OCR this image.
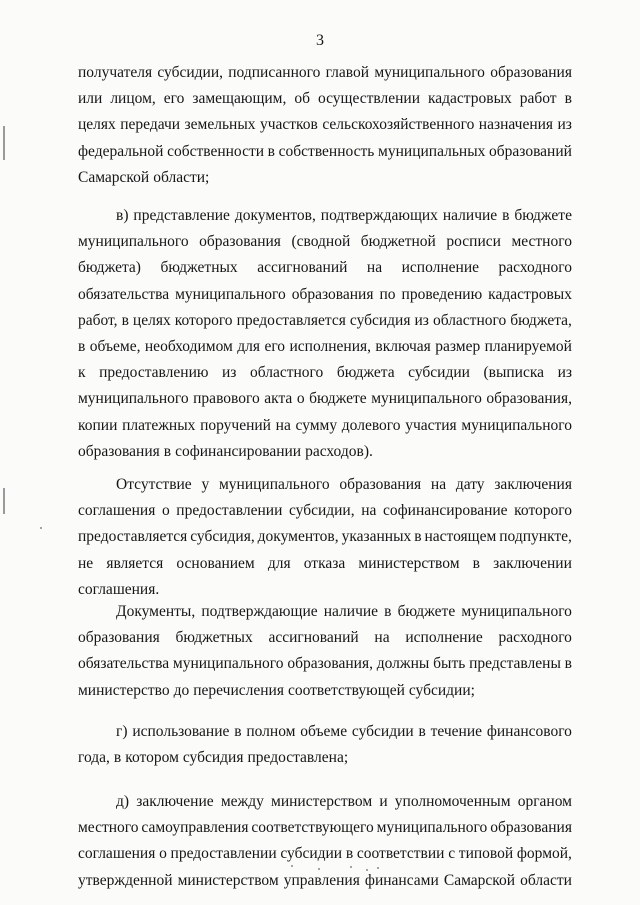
3
получателя субсидии, подписанного главой муниципального образования
или лицом, его замещающим, об осуществлении кадастровых работ в
целях передачи земельных участков сельскохозяйственного назначения из
федеральной собственности в собственность муниципальных образований
Самарской области;
в) представление документов, подтверждающих наличие в бюджете
муниципального образования (сводной бюджетной росписи местного
бюджета) бюджетных ассигнований на исполнение расходного
обязательства муниципального образования по проведению кадастровых
работ, в целях которого предоставляется субсидия из областного бюджета,
в объеме, необходимом для его исполнения, включая размер планируемой
к предоставлению из областного бюджета субсидии (выписка из
муниципального правового акта о бюджете муниципального образования,
копии платежных поручений на сумму долевого участия муниципального
образования в софинансировании расходов).
Отсутствие у муниципального образования на дату заключения
соглашения о предоставлении субсидии, на софинансирование которого
предоставляется субсидия, документов, указанных в настоящем подпункте,
не является основанием для отказа министерством в заключении
соглашения.
Документы, подтверждающие наличие в бюджете муниципального
образования бюджетных ассигнований на исполнение расходного
обязательства муниципального образования, должны быть представлены в
министерство до перечисления соответствующей субсидии;
г) использование в полном объеме субсидии в течение финансового
года, в котором субсидия предоставлена;
д) заключение между министерством и уполномоченным органом
местного самоуправления соответствующего муниципального образования
соглашения о предоставлении субсидии в соответствии с типовой формой,
утвержденной министерством управления финансами Самарской области
